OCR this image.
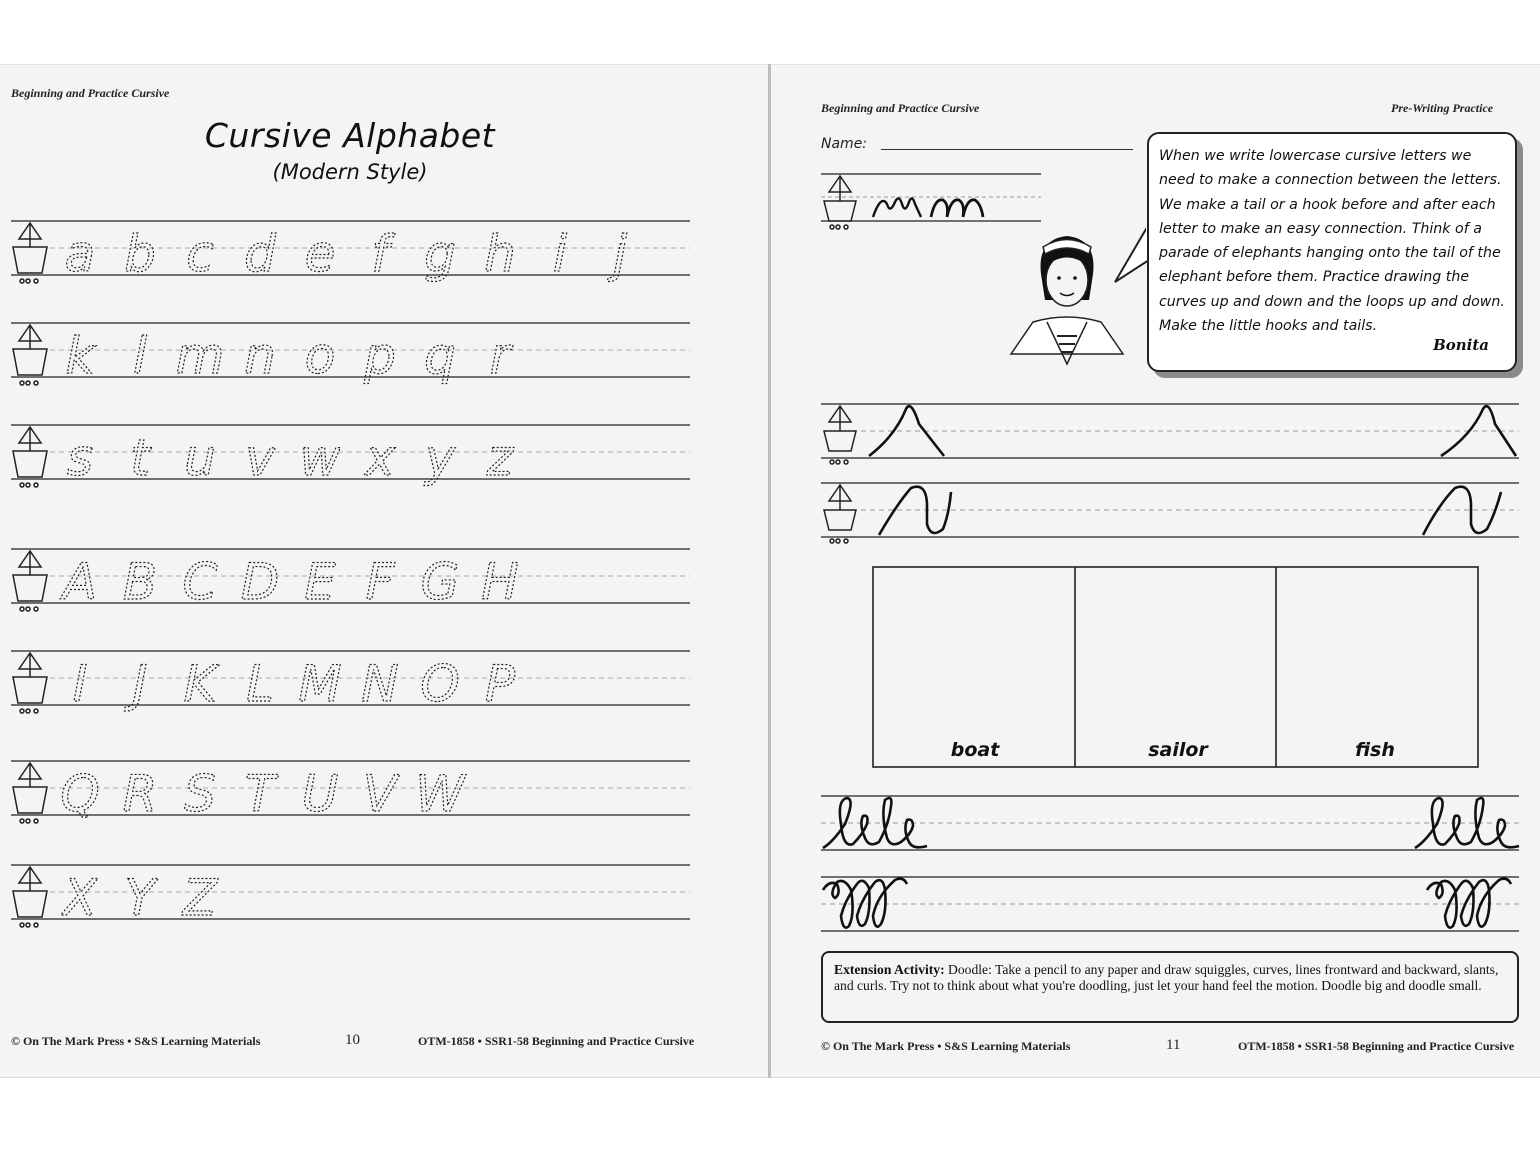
Beginning and Practice Cursive
Cursive Alphabet
(Modern Style)
a b c d e f g h i j
k l m n o p q r
s t u v w x y z
A B C D E F G H
I J K L M N O P
Q R S T U V W
X Y Z
© On The Mark Press • S&S Learning Materials	10	OTM-1858 • SSR1-58 Beginning and Practice Cursive
Beginning and Practice Cursive	Pre-Writing Practice
Name:
boat	sailor	fish
When we write lowercase cursive letters we need to make a connection between the letters. We make a tail or a hook before and after each letter to make an easy connection. Think of a parade of elephants hanging onto the tail of the elephant before them. Practice drawing the curves up and down and the loops up and down. Make the little hooks and tails.
Bonita
Extension Activity: Doodle: Take a pencil to any paper and draw squiggles, curves, lines frontward and backward, slants, and curls. Try not to think about what you're doodling, just let your hand feel the motion. Doodle big and doodle small.
© On The Mark Press • S&S Learning Materials	11	OTM-1858 • SSR1-58 Beginning and Practice Cursive
